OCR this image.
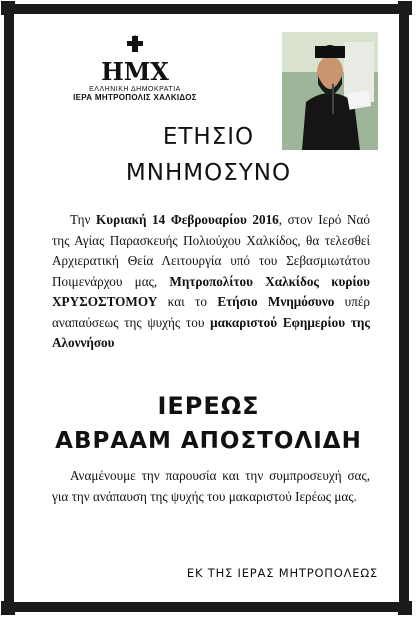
ΗΜΧ
ΕΛΛΗΝΙΚΗ ΔΗΜΟΚΡΑΤΙΑ
ΙΕΡΑ ΜΗΤΡΟΠΟΛΙΣ ΧΑΛΚΙΔΟΣ
ΕΤΗΣΙΟ
ΜΝΗΜΟΣΥΝΟ
Την Κυριακή 14 Φεβρουαρίου 2016, στον Ιερό Ναό της Αγίας Παρασκευής Πολιούχου Χαλκίδος, θα τελεσθεί Αρχιερατική Θεία Λειτουργία υπό του Σεβασμιωτάτου Ποιμενάρχου μας, Μητροπολίτου Χαλκίδος κυρίου ΧΡΥΣΟΣΤΟΜΟΥ και το Ετήσιο Μνημόσυνο υπέρ αναπαύσεως της ψυχής του μακαριστού Εφημερίου της Αλοννήσου
ΙΕΡΕΩΣ
ΑΒΡΑΑΜ ΑΠΟΣΤΟΛΙΔΗ
Αναμένουμε την παρουσία και την συμπροσευχή σας, για την ανάπαυση της ψυχής του μακαριστού Ιερέως μας.
ΕΚ ΤΗΣ ΙΕΡΑΣ ΜΗΤΡΟΠΟΛΕΩΣ
